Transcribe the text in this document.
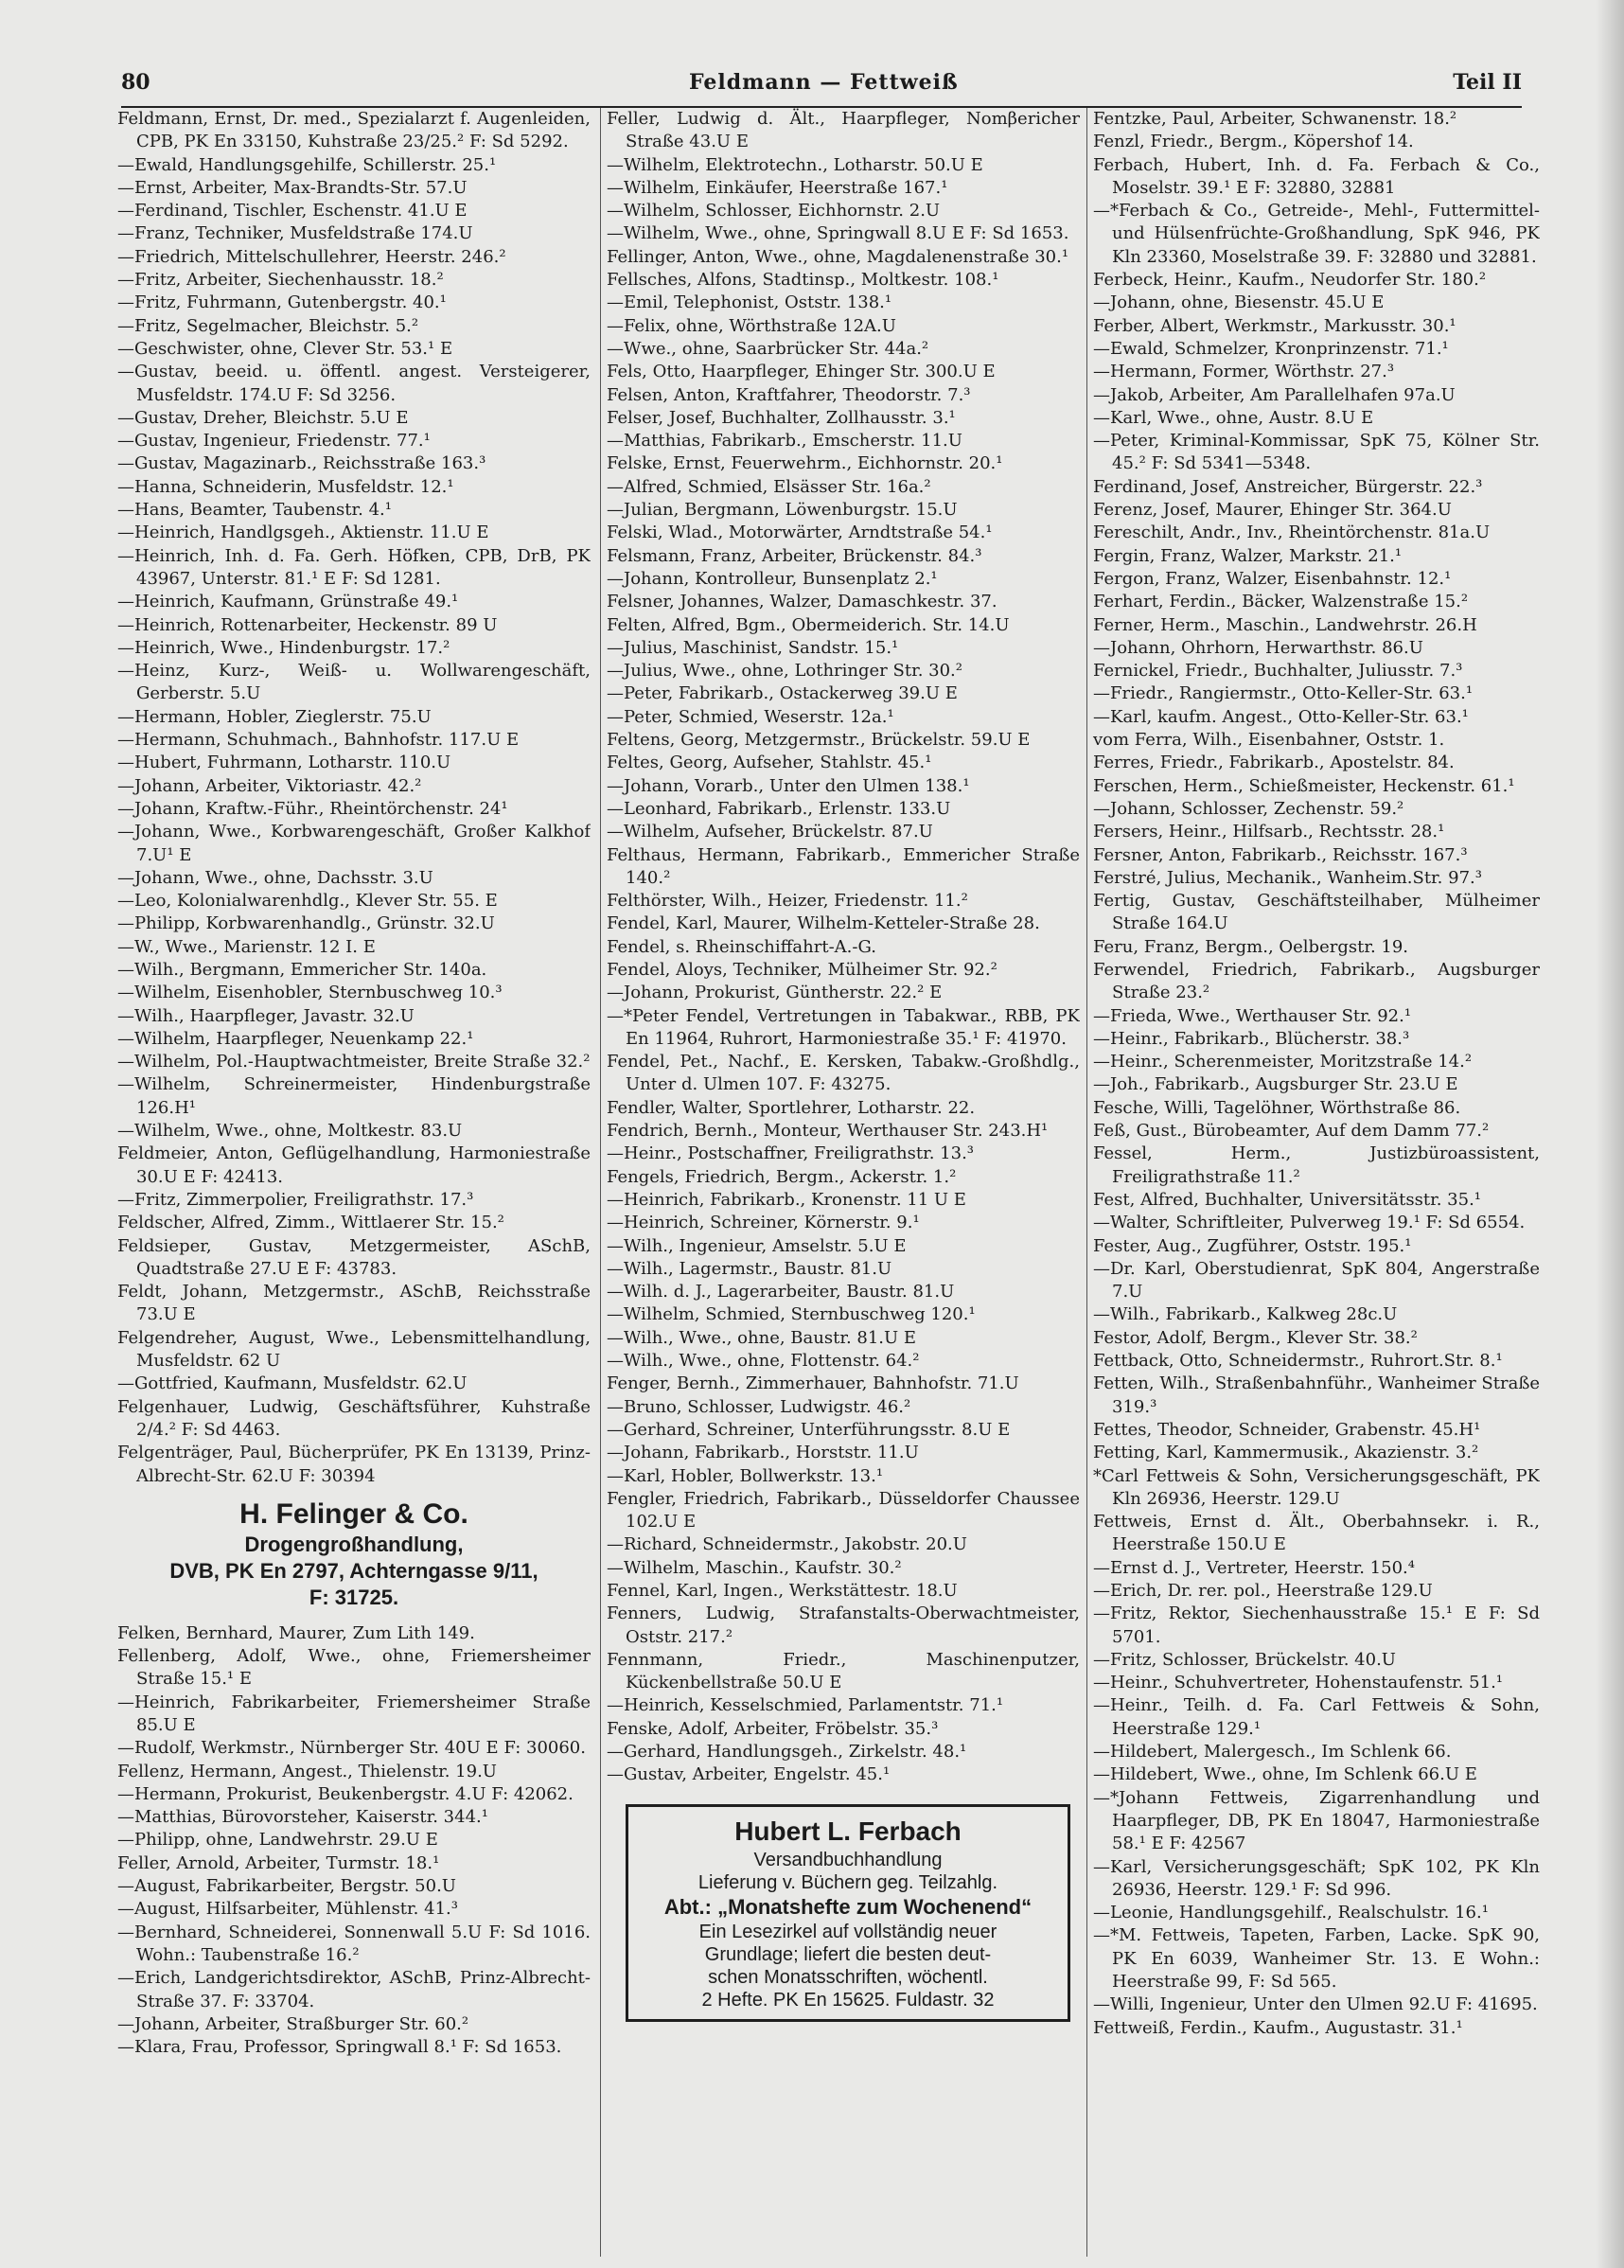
80	Feldmann — Fettweiß	Teil II

Feldmann, Ernst, Dr. med., Spezialarzt f. Augenleiden, CPB, PK En 33150, Kuhstraße 23/25.² F: Sd 5292.

—Ewald, Handlungsgehilfe, Schillerstr. 25.¹

—Ernst, Arbeiter, Max-Brandts-Str. 57.U

—Ferdinand, Tischler, Eschenstr. 41.U E

—Franz, Techniker, Musfeldstraße 174.U

—Friedrich, Mittelschullehrer, Heerstr. 246.²

—Fritz, Arbeiter, Siechenhausstr. 18.²

—Fritz, Fuhrmann, Gutenbergstr. 40.¹

—Fritz, Segelmacher, Bleichstr. 5.²

—Geschwister, ohne, Clever Str. 53.¹ E

—Gustav, beeid. u. öffentl. angest. Versteigerer, Musfeldstr. 174.U F: Sd 3256.

—Gustav, Dreher, Bleichstr. 5.U E

—Gustav, Ingenieur, Friedenstr. 77.¹

—Gustav, Magazinarb., Reichsstraße 163.³

—Hanna, Schneiderin, Musfeldstr. 12.¹

—Hans, Beamter, Taubenstr. 4.¹

—Heinrich, Handlgsgeh., Aktienstr. 11.U E

—Heinrich, Inh. d. Fa. Gerh. Höfken, CPB, DrB, PK 43967, Unterstr. 81.¹ E F: Sd 1281.

—Heinrich, Kaufmann, Grünstraße 49.¹

—Heinrich, Rottenarbeiter, Heckenstr. 89 U

—Heinrich, Wwe., Hindenburgstr. 17.²

—Heinz, Kurz-, Weiß- u. Wollwarengeschäft, Gerberstr. 5.U

—Hermann, Hobler, Zieglerstr. 75.U

—Hermann, Schuhmach., Bahnhofstr. 117.U E

—Hubert, Fuhrmann, Lotharstr. 110.U

—Johann, Arbeiter, Viktoriastr. 42.²

—Johann, Kraftw.-Führ., Rheintörchenstr. 24¹

—Johann, Wwe., Korbwarengeschäft, Großer Kalkhof 7.U¹ E

—Johann, Wwe., ohne, Dachsstr. 3.U

—Leo, Kolonialwarenhdlg., Klever Str. 55. E

—Philipp, Korbwarenhandlg., Grünstr. 32.U

—W., Wwe., Marienstr. 12 I. E

—Wilh., Bergmann, Emmericher Str. 140a.

—Wilhelm, Eisenhobler, Sternbuschweg 10.³

—Wilh., Haarpfleger, Javastr. 32.U

—Wilhelm, Haarpfleger, Neuenkamp 22.¹

—Wilhelm, Pol.-Hauptwachtmeister, Breite Straße 32.²

—Wilhelm, Schreinermeister, Hindenburgstraße 126.H¹

—Wilhelm, Wwe., ohne, Moltkestr. 83.U

Feldmeier, Anton, Geflügelhandlung, Harmoniestraße 30.U E F: 42413.

—Fritz, Zimmerpolier, Freiligrathstr. 17.³

Feldscher, Alfred, Zimm., Wittlaerer Str. 15.²

Feldsieper, Gustav, Metzgermeister, ASchB, Quadtstraße 27.U E F: 43783.

Feldt, Johann, Metzgermstr., ASchB, Reichsstraße 73.U E

Felgendreher, August, Wwe., Lebensmittelhandlung, Musfeldstr. 62 U

—Gottfried, Kaufmann, Musfeldstr. 62.U

Felgenhauer, Ludwig, Geschäftsführer, Kuhstraße 2/4.² F: Sd 4463.

Felgenträger, Paul, Bücherprüfer, PK En 13139, Prinz-Albrecht-Str. 62.U F: 30394

H. Felinger & Co.
Drogengroßhandlung,
DVB, PK En 2797, Achterngasse 9/11,
F: 31725.

Felken, Bernhard, Maurer, Zum Lith 149.

Fellenberg, Adolf, Wwe., ohne, Friemersheimer Straße 15.¹ E

—Heinrich, Fabrikarbeiter, Friemersheimer Straße 85.U E

—Rudolf, Werkmstr., Nürnberger Str. 40U E F: 30060.

Fellenz, Hermann, Angest., Thielenstr. 19.U

—Hermann, Prokurist, Beukenbergstr. 4.U F: 42062.

—Matthias, Bürovorsteher, Kaiserstr. 344.¹

—Philipp, ohne, Landwehrstr. 29.U E

Feller, Arnold, Arbeiter, Turmstr. 18.¹

—August, Fabrikarbeiter, Bergstr. 50.U

—August, Hilfsarbeiter, Mühlenstr. 41.³

—Bernhard, Schneiderei, Sonnenwall 5.U F: Sd 1016. Wohn.: Taubenstraße 16.²

—Erich, Landgerichtsdirektor, ASchB, Prinz-Albrecht-Straße 37. F: 33704.

—Johann, Arbeiter, Straßburger Str. 60.²

—Klara, Frau, Professor, Springwall 8.¹ F: Sd 1653.

Feller, Ludwig d. Ält., Haarpfleger, Nomβericher Straße 43.U E

—Wilhelm, Elektrotechn., Lotharstr. 50.U E

—Wilhelm, Einkäufer, Heerstraße 167.¹

—Wilhelm, Schlosser, Eichhornstr. 2.U

—Wilhelm, Wwe., ohne, Springwall 8.U E F: Sd 1653.

Fellinger, Anton, Wwe., ohne, Magdalenenstraße 30.¹

Fellsches, Alfons, Stadtinsp., Moltkestr. 108.¹

—Emil, Telephonist, Oststr. 138.¹

—Felix, ohne, Wörthstraße 12A.U

—Wwe., ohne, Saarbrücker Str. 44a.²

Fels, Otto, Haarpfleger, Ehinger Str. 300.U E

Felsen, Anton, Kraftfahrer, Theodorstr. 7.³

Felser, Josef, Buchhalter, Zollhausstr. 3.¹

—Matthias, Fabrikarb., Emscherstr. 11.U

Felske, Ernst, Feuerwehrm., Eichhornstr. 20.¹

—Alfred, Schmied, Elsässer Str. 16a.²

—Julian, Bergmann, Löwenburgstr. 15.U

Felski, Wlad., Motorwärter, Arndtstraße 54.¹

Felsmann, Franz, Arbeiter, Brückenstr. 84.³

—Johann, Kontrolleur, Bunsenplatz 2.¹

Felsner, Johannes, Walzer, Damaschkestr. 37.

Felten, Alfred, Bgm., Obermeiderich. Str. 14.U

—Julius, Maschinist, Sandstr. 15.¹

—Julius, Wwe., ohne, Lothringer Str. 30.²

—Peter, Fabrikarb., Ostackerweg 39.U E

—Peter, Schmied, Weserstr. 12a.¹

Feltens, Georg, Metzgermstr., Brückelstr. 59.U E

Feltes, Georg, Aufseher, Stahlstr. 45.¹

—Johann, Vorarb., Unter den Ulmen 138.¹

—Leonhard, Fabrikarb., Erlenstr. 133.U

—Wilhelm, Aufseher, Brückelstr. 87.U

Felthaus, Hermann, Fabrikarb., Emmericher Straße 140.²

Felthörster, Wilh., Heizer, Friedenstr. 11.²

Fendel, Karl, Maurer, Wilhelm-Ketteler-Straße 28.

Fendel, s. Rheinschiffahrt-A.-G.

Fendel, Aloys, Techniker, Mülheimer Str. 92.²

—Johann, Prokurist, Güntherstr. 22.² E

—*Peter Fendel, Vertretungen in Tabakwar., RBB, PK En 11964, Ruhrort, Harmoniestraße 35.¹ F: 41970.

Fendel, Pet., Nachf., E. Kersken, Tabakw.-Großhdlg., Unter d. Ulmen 107. F: 43275.

Fendler, Walter, Sportlehrer, Lotharstr. 22.

Fendrich, Bernh., Monteur, Werthauser Str. 243.H¹

—Heinr., Postschaffner, Freiligrathstr. 13.³

Fengels, Friedrich, Bergm., Ackerstr. 1.²

—Heinrich, Fabrikarb., Kronenstr. 11 U E

—Heinrich, Schreiner, Körnerstr. 9.¹

—Wilh., Ingenieur, Amselstr. 5.U E

—Wilh., Lagermstr., Baustr. 81.U

—Wilh. d. J., Lagerarbeiter, Baustr. 81.U

—Wilhelm, Schmied, Sternbuschweg 120.¹

—Wilh., Wwe., ohne, Baustr. 81.U E

—Wilh., Wwe., ohne, Flottenstr. 64.²

Fenger, Bernh., Zimmerhauer, Bahnhofstr. 71.U

—Bruno, Schlosser, Ludwigstr. 46.²

—Gerhard, Schreiner, Unterführungsstr. 8.U E

—Johann, Fabrikarb., Horststr. 11.U

—Karl, Hobler, Bollwerkstr. 13.¹

Fengler, Friedrich, Fabrikarb., Düsseldorfer Chaussee 102.U E

—Richard, Schneidermstr., Jakobstr. 20.U

—Wilhelm, Maschin., Kaufstr. 30.²

Fennel, Karl, Ingen., Werkstättestr. 18.U

Fenners, Ludwig, Strafanstalts-Oberwachtmeister, Oststr. 217.²

Fennmann, Friedr., Maschinenputzer, Kückenbellstraße 50.U E

—Heinrich, Kesselschmied, Parlamentstr. 71.¹

Fenske, Adolf, Arbeiter, Fröbelstr. 35.³

—Gerhard, Handlungsgeh., Zirkelstr. 48.¹

—Gustav, Arbeiter, Engelstr. 45.¹

Hubert L. Ferbach
Versandbuchhandlung
Lieferung v. Büchern geg. Teilzahlg.
Abt.: „Monatshefte zum Wochenend“
Ein Lesezirkel auf vollständig neuer
Grundlage; liefert die besten deut-
schen Monatsschriften, wöchentl.
2 Hefte. PK En 15625. Fuldastr. 32

Fentzke, Paul, Arbeiter, Schwanenstr. 18.²

Fenzl, Friedr., Bergm., Köpershof 14.

Ferbach, Hubert, Inh. d. Fa. Ferbach & Co., Moselstr. 39.¹ E F: 32880, 32881

—*Ferbach & Co., Getreide-, Mehl-, Futtermittel- und Hülsenfrüchte-Großhandlung, SpK 946, PK Kln 23360, Moselstraße 39. F: 32880 und 32881.

Ferbeck, Heinr., Kaufm., Neudorfer Str. 180.²

—Johann, ohne, Biesenstr. 45.U E

Ferber, Albert, Werkmstr., Markusstr. 30.¹

—Ewald, Schmelzer, Kronprinzenstr. 71.¹

—Hermann, Former, Wörthstr. 27.³

—Jakob, Arbeiter, Am Parallelhafen 97a.U

—Karl, Wwe., ohne, Austr. 8.U E

—Peter, Kriminal-Kommissar, SpK 75, Kölner Str. 45.² F: Sd 5341—5348.

Ferdinand, Josef, Anstreicher, Bürgerstr. 22.³

Ferenz, Josef, Maurer, Ehinger Str. 364.U

Fereschilt, Andr., Inv., Rheintörchenstr. 81a.U

Fergin, Franz, Walzer, Markstr. 21.¹

Fergon, Franz, Walzer, Eisenbahnstr. 12.¹

Ferhart, Ferdin., Bäcker, Walzenstraße 15.²

Ferner, Herm., Maschin., Landwehrstr. 26.H

—Johann, Ohrhorn, Herwarthstr. 86.U

Fernickel, Friedr., Buchhalter, Juliusstr. 7.³

—Friedr., Rangiermstr., Otto-Keller-Str. 63.¹

—Karl, kaufm. Angest., Otto-Keller-Str. 63.¹

vom Ferra, Wilh., Eisenbahner, Oststr. 1.

Ferres, Friedr., Fabrikarb., Apostelstr. 84.

Ferschen, Herm., Schießmeister, Heckenstr. 61.¹

—Johann, Schlosser, Zechenstr. 59.²

Fersers, Heinr., Hilfsarb., Rechtsstr. 28.¹

Fersner, Anton, Fabrikarb., Reichsstr. 167.³

Ferstré, Julius, Mechanik., Wanheim.Str. 97.³

Fertig, Gustav, Geschäftsteilhaber, Mülheimer Straße 164.U

Feru, Franz, Bergm., Oelbergstr. 19.

Ferwendel, Friedrich, Fabrikarb., Augsburger Straße 23.²

—Frieda, Wwe., Werthauser Str. 92.¹

—Heinr., Fabrikarb., Blücherstr. 38.³

—Heinr., Scherenmeister, Moritzstraße 14.²

—Joh., Fabrikarb., Augsburger Str. 23.U E

Fesche, Willi, Tagelöhner, Wörthstraße 86.

Feß, Gust., Bürobeamter, Auf dem Damm 77.²

Fessel, Herm., Justizbüroassistent, Freiligrathstraße 11.²

Fest, Alfred, Buchhalter, Universitätsstr. 35.¹

—Walter, Schriftleiter, Pulverweg 19.¹ F: Sd 6554.

Fester, Aug., Zugführer, Oststr. 195.¹

—Dr. Karl, Oberstudienrat, SpK 804, Angerstraße 7.U

—Wilh., Fabrikarb., Kalkweg 28c.U

Festor, Adolf, Bergm., Klever Str. 38.²

Fettback, Otto, Schneidermstr., Ruhrort.Str. 8.¹

Fetten, Wilh., Straßenbahnführ., Wanheimer Straße 319.³

Fettes, Theodor, Schneider, Grabenstr. 45.H¹

Fetting, Karl, Kammermusik., Akazienstr. 3.²

*Carl Fettweis & Sohn, Versicherungsgeschäft, PK Kln 26936, Heerstr. 129.U

Fettweis, Ernst d. Ält., Oberbahnsekr. i. R., Heerstraße 150.U E

—Ernst d. J., Vertreter, Heerstr. 150.⁴

—Erich, Dr. rer. pol., Heerstraße 129.U

—Fritz, Rektor, Siechenhausstraße 15.¹ E F: Sd 5701.

—Fritz, Schlosser, Brückelstr. 40.U

—Heinr., Schuhvertreter, Hohenstaufenstr. 51.¹

—Heinr., Teilh. d. Fa. Carl Fettweis & Sohn, Heerstraße 129.¹

—Hildebert, Malergesch., Im Schlenk 66.

—Hildebert, Wwe., ohne, Im Schlenk 66.U E

—*Johann Fettweis, Zigarrenhandlung und Haarpfleger, DB, PK En 18047, Harmoniestraße 58.¹ E F: 42567

—Karl, Versicherungsgeschäft; SpK 102, PK Kln 26936, Heerstr. 129.¹ F: Sd 996.

—Leonie, Handlungsgehilf., Realschulstr. 16.¹

—*M. Fettweis, Tapeten, Farben, Lacke. SpK 90, PK En 6039, Wanheimer Str. 13. E Wohn.: Heerstraße 99, F: Sd 565.

—Willi, Ingenieur, Unter den Ulmen 92.U F: 41695.

Fettweiß, Ferdin., Kaufm., Augustastr. 31.¹
